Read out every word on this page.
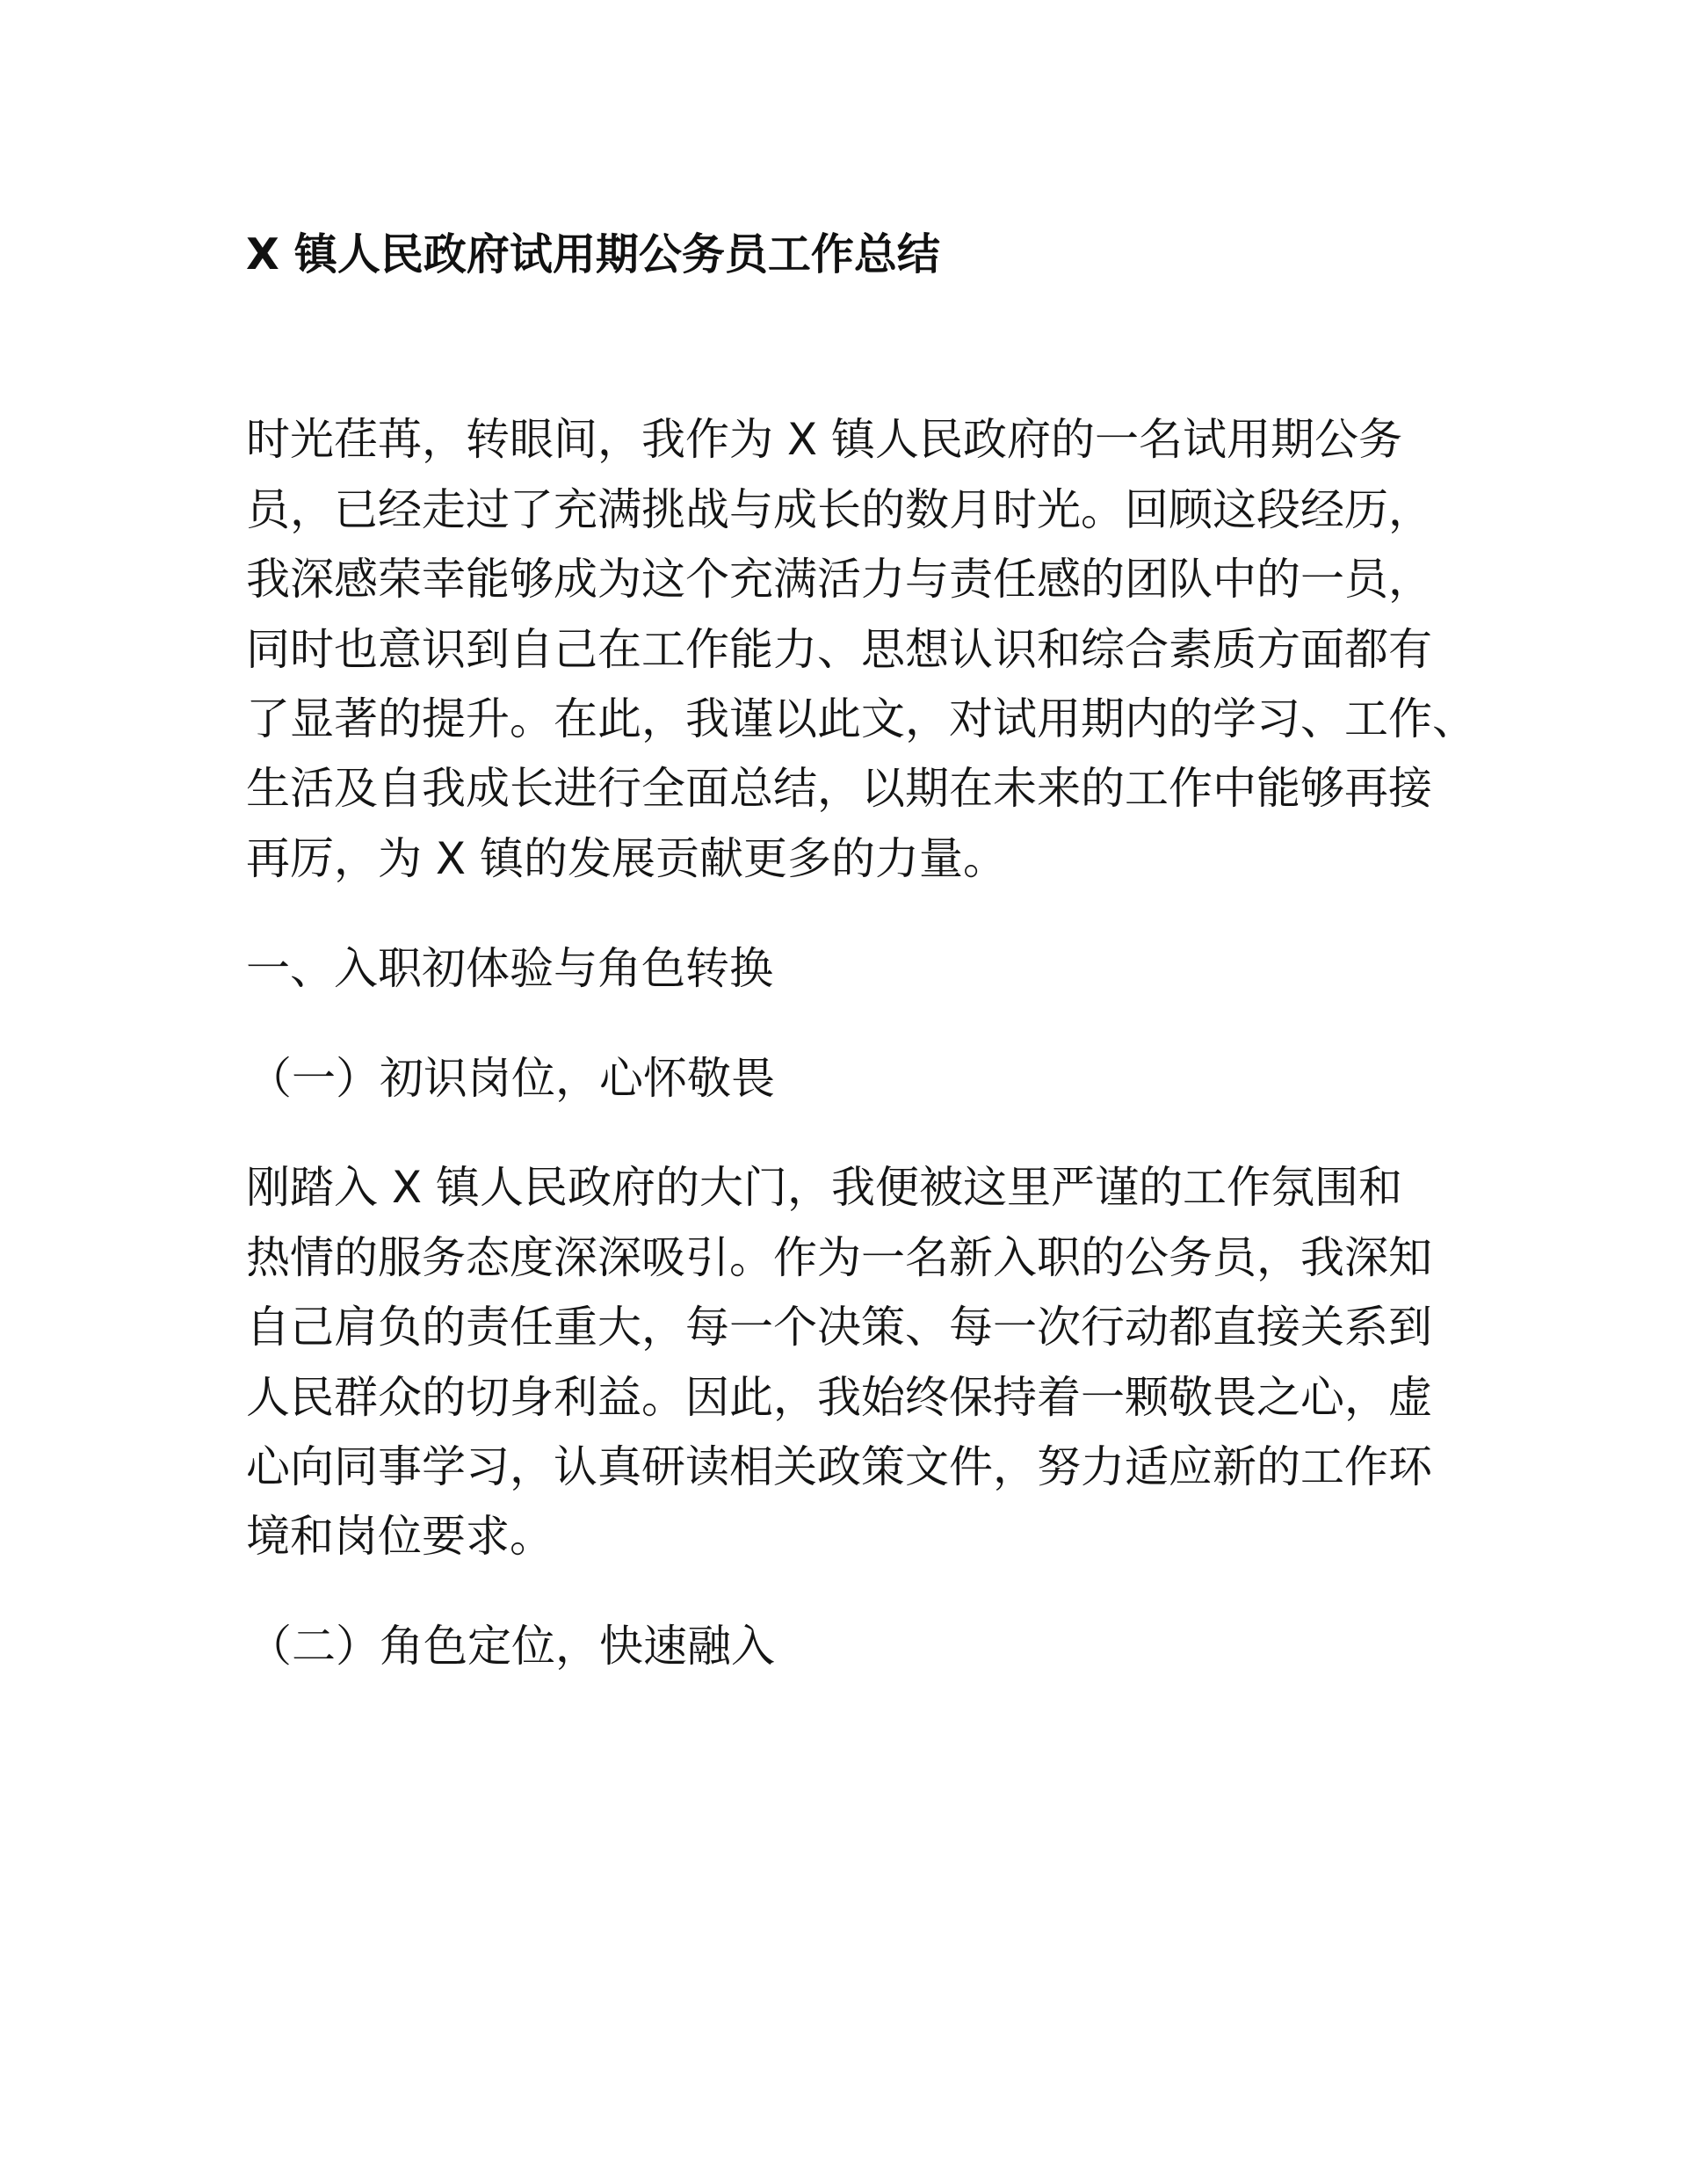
X 镇人民政府试用期公务员工作总结

时光荏苒，转眼间，我作为 X 镇人民政府的一名试用期公务

员，已经走过了充满挑战与成长的数月时光。回顾这段经历，

我深感荣幸能够成为这个充满活力与责任感的团队中的一员，

同时也意识到自己在工作能力、思想认识和综合素质方面都有

了显著的提升。在此，我谨以此文，对试用期内的学习、工作、

生活及自我成长进行全面总结，以期在未来的工作中能够再接

再厉，为 X 镇的发展贡献更多的力量。

一、入职初体验与角色转换

（一）初识岗位，心怀敬畏

刚踏入 X 镇人民政府的大门，我便被这里严谨的工作氛围和

热情的服务态度深深吸引。作为一名新入职的公务员，我深知

自己肩负的责任重大，每一个决策、每一次行动都直接关系到

人民群众的切身利益。因此，我始终保持着一颗敬畏之心，虚

心向同事学习，认真研读相关政策文件，努力适应新的工作环

境和岗位要求。

（二）角色定位，快速融入
